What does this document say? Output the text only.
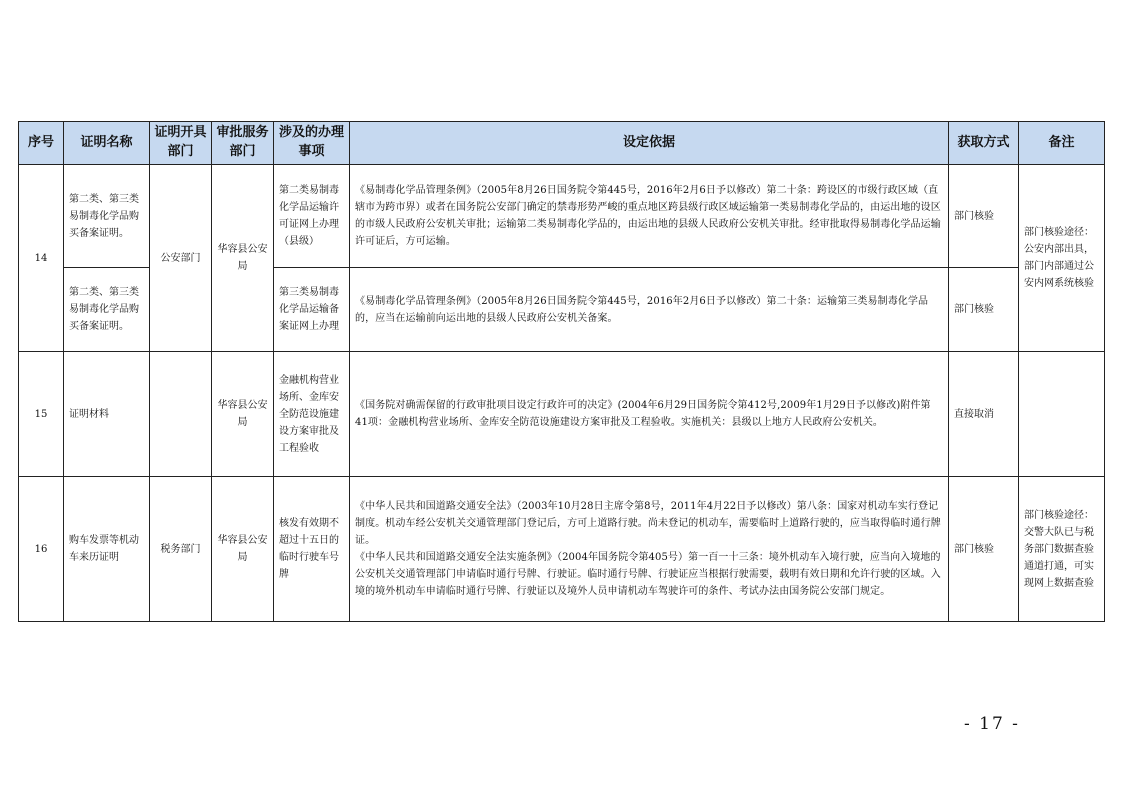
序号	证明名称	证明开具部门	审批服务部门	涉及的办理事项	设定依据	获取方式	备注
14	第二类、第三类易制毒化学品购买备案证明。	公安部门	华容县公安局	第二类易制毒化学品运输许可证网上办理（县级）	《易制毒化学品管理条例》（2005年8月26日国务院令第445号，2016年2月6日予以修改）第二十条：跨设区的市级行政区域（直辖市为跨市界）或者在国务院公安部门确定的禁毒形势严峻的重点地区跨县级行政区域运输第一类易制毒化学品的，由运出地的设区的市级人民政府公安机关审批；运输第二类易制毒化学品的，由运出地的县级人民政府公安机关审批。经审批取得易制毒化学品运输许可证后，方可运输。	部门核验	部门核验途径：公安内部出具，部门内部通过公安内网系统核验
	第二类、第三类易制毒化学品购买备案证明。			第三类易制毒化学品运输备案证网上办理	《易制毒化学品管理条例》（2005年8月26日国务院令第445号，2016年2月6日予以修改）第二十条：运输第三类易制毒化学品的，应当在运输前向运出地的县级人民政府公安机关备案。	部门核验	
15	证明材料		华容县公安局	金融机构营业场所、金库安全防范设施建设方案审批及工程验收	《国务院对确需保留的行政审批项目设定行政许可的决定》(2004年6月29日国务院令第412号,2009年1月29日予以修改)附件第41项：金融机构营业场所、金库安全防范设施建设方案审批及工程验收。实施机关：县级以上地方人民政府公安机关。	直接取消	
16	购车发票等机动车来历证明	税务部门	华容县公安局	核发有效期不超过十五日的临时行驶车号牌	《中华人民共和国道路交通安全法》（2003年10月28日主席令第8号，2011年4月22日予以修改）第八条：国家对机动车实行登记制度。机动车经公安机关交通管理部门登记后，方可上道路行驶。尚未登记的机动车，需要临时上道路行驶的，应当取得临时通行牌证。
《中华人民共和国道路交通安全法实施条例》（2004年国务院令第405号）第一百一十三条：境外机动车入境行驶，应当向入境地的公安机关交通管理部门申请临时通行号牌、行驶证。临时通行号牌、行驶证应当根据行驶需要，载明有效日期和允许行驶的区域。入境的境外机动车申请临时通行号牌、行驶证以及境外人员申请机动车驾驶许可的条件、考试办法由国务院公安部门规定。	部门核验	部门核验途径：交警大队已与税务部门数据查验通道打通，可实现网上数据查验
- 17 -
